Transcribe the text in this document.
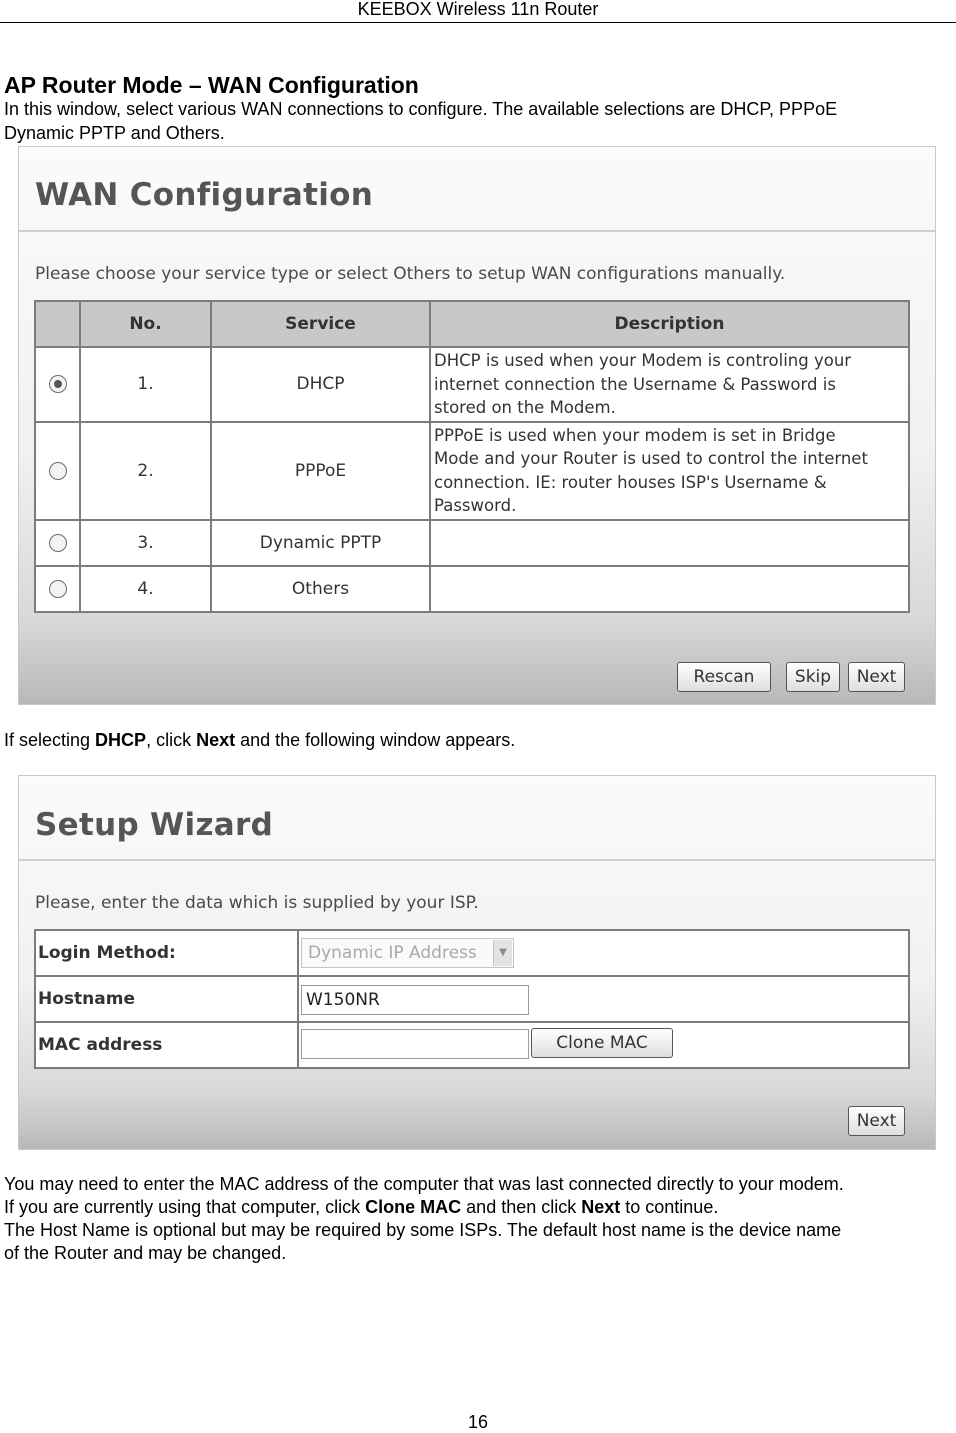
KEEBOX Wireless 11n Router
AP Router Mode – WAN Configuration

In this window, select various WAN connections to configure. The available selections are DHCP, PPPoE

Dynamic PPTP and Others.

WAN Configuration
Please choose your service type or select Others to setup WAN configurations manually.
	No.	Service	Description
	1.	DHCP	DHCP is used when your Modem is controling your
internet connection the Username & Password is
stored on the Modem.

	2.	PPPoE	PPPoE is used when your modem is set in Bridge
Mode and your Router is used to control the internet
connection. IE: router houses ISP's Username &
Password.

	3.	Dynamic PPTP	
	4.	Others	
Rescan	Skip	Next

If selecting DHCP, click Next and the following window appears.

Setup Wizard
Please, enter the data which is supplied by your ISP.
Login Method:	Dynamic IP Address ▼

Hostname	W150NR

MAC address	Clone MAC
Next

You may need to enter the MAC address of the computer that was last connected directly to your modem.

If you are currently using that computer, click Clone MAC and then click Next to continue.

The Host Name is optional but may be required by some ISPs. The default host name is the device name

of the Router and may be changed.

16
